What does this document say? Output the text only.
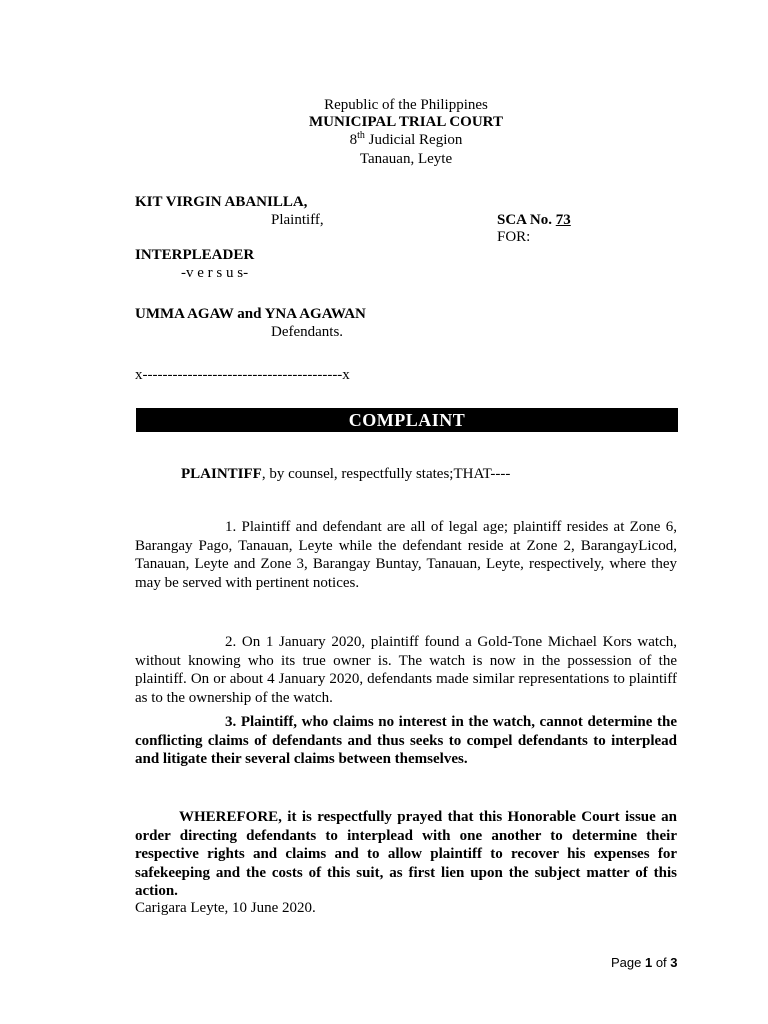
Republic of the Philippines
MUNICIPAL TRIAL COURT
8th Judicial Region
Tanauan, Leyte
KIT VIRGIN ABANILLA,
Plaintiff,	SCA No. 73
FOR:
INTERPLEADER
-v e r s u s-
UMMA AGAW and YNA AGAWAN
Defendants.
x----------------------------------------x
COMPLAINT
PLAINTIFF, by counsel, respectfully states;THAT----
1. Plaintiff and defendant are all of legal age; plaintiff resides at Zone 6, Barangay Pago, Tanauan, Leyte while the defendant reside at Zone 2, BarangayLicod, Tanauan, Leyte and Zone 3, Barangay Buntay, Tanauan, Leyte, respectively, where they may be served with pertinent notices.
2. On 1 January 2020, plaintiff found a Gold-Tone Michael Kors watch, without knowing who its true owner is. The watch is now in the possession of the plaintiff. On or about 4 January 2020, defendants made similar representations to plaintiff as to the ownership of the watch.
3. Plaintiff, who claims no interest in the watch, cannot determine the conflicting claims of defendants and thus seeks to compel defendants to interplead and litigate their several claims between themselves.
WHEREFORE, it is respectfully prayed that this Honorable Court issue an order directing defendants to interplead with one another to determine their respective rights and claims and to allow plaintiff to recover his expenses for safekeeping and the costs of this suit, as first lien upon the subject matter of this action.
Carigara Leyte, 10 June 2020.
Page 1 of 3
